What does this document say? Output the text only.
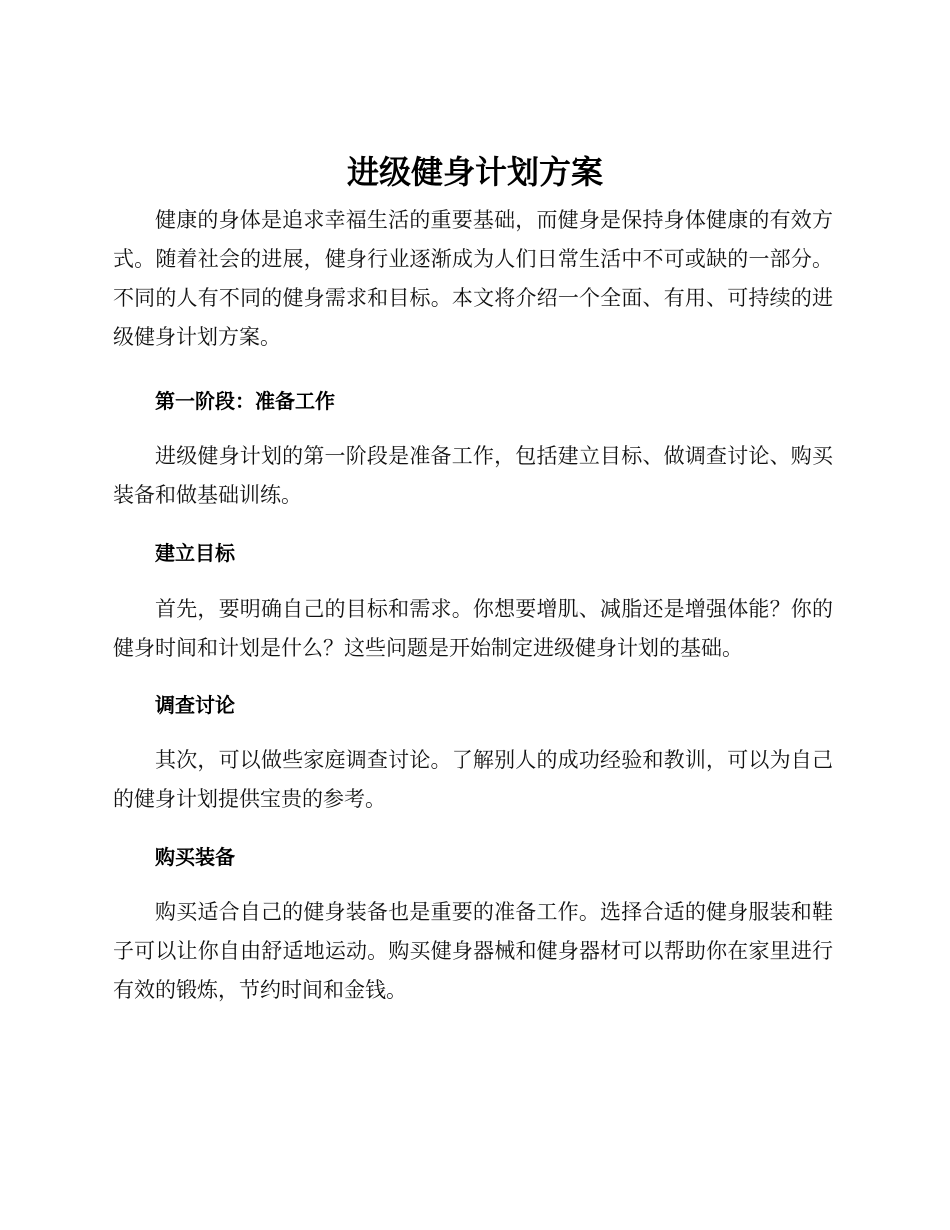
进级健身计划方案

健康的身体是追求幸福生活的重要基础，而健身是保持身体健康的有效方式。随着社会的进展，健身行业逐渐成为人们日常生活中不可或缺的一部分。不同的人有不同的健身需求和目标。本文将介绍一个全面、有用、可持续的进级健身计划方案。

第一阶段：准备工作

进级健身计划的第一阶段是准备工作，包括建立目标、做调查讨论、购买装备和做基础训练。

建立目标

首先，要明确自己的目标和需求。你想要增肌、减脂还是增强体能？你的健身时间和计划是什么？这些问题是开始制定进级健身计划的基础。

调查讨论

其次，可以做些家庭调查讨论。了解别人的成功经验和教训，可以为自己的健身计划提供宝贵的参考。

购买装备

购买适合自己的健身装备也是重要的准备工作。选择合适的健身服装和鞋子可以让你自由舒适地运动。购买健身器械和健身器材可以帮助你在家里进行有效的锻炼，节约时间和金钱。
